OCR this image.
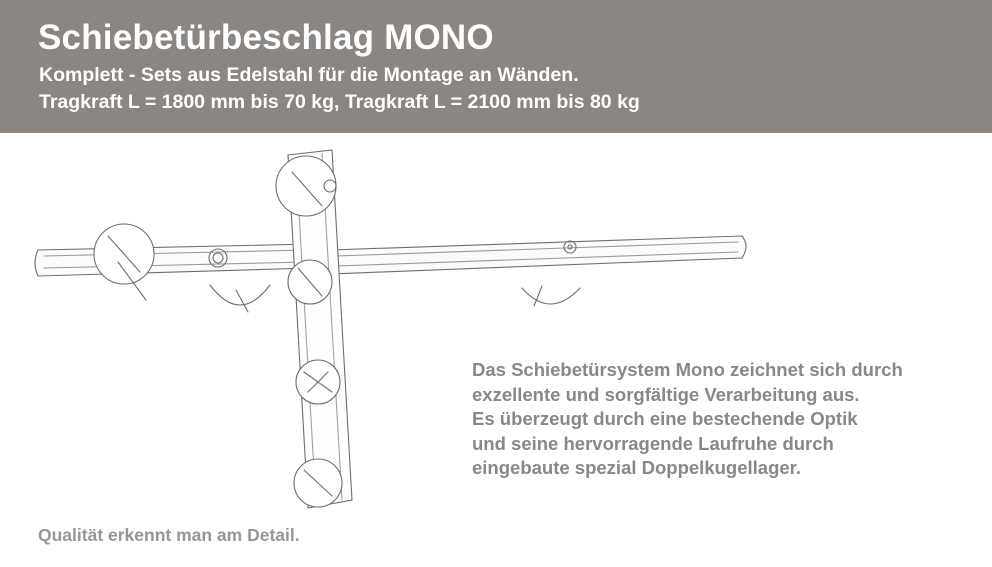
Schiebetürbeschlag MONO
Komplett - Sets aus Edelstahl für die Montage an Wänden.
Tragkraft L = 1800 mm bis 70 kg, Tragkraft L = 2100 mm bis 80 kg
Das Schiebetürsystem Mono zeichnet sich durch
exzellente und sorgfältige Verarbeitung aus.
Es überzeugt durch eine bestechende Optik
und seine hervorragende Laufruhe durch
eingebaute spezial Doppelkugellager.
Qualität erkennt man am Detail.
